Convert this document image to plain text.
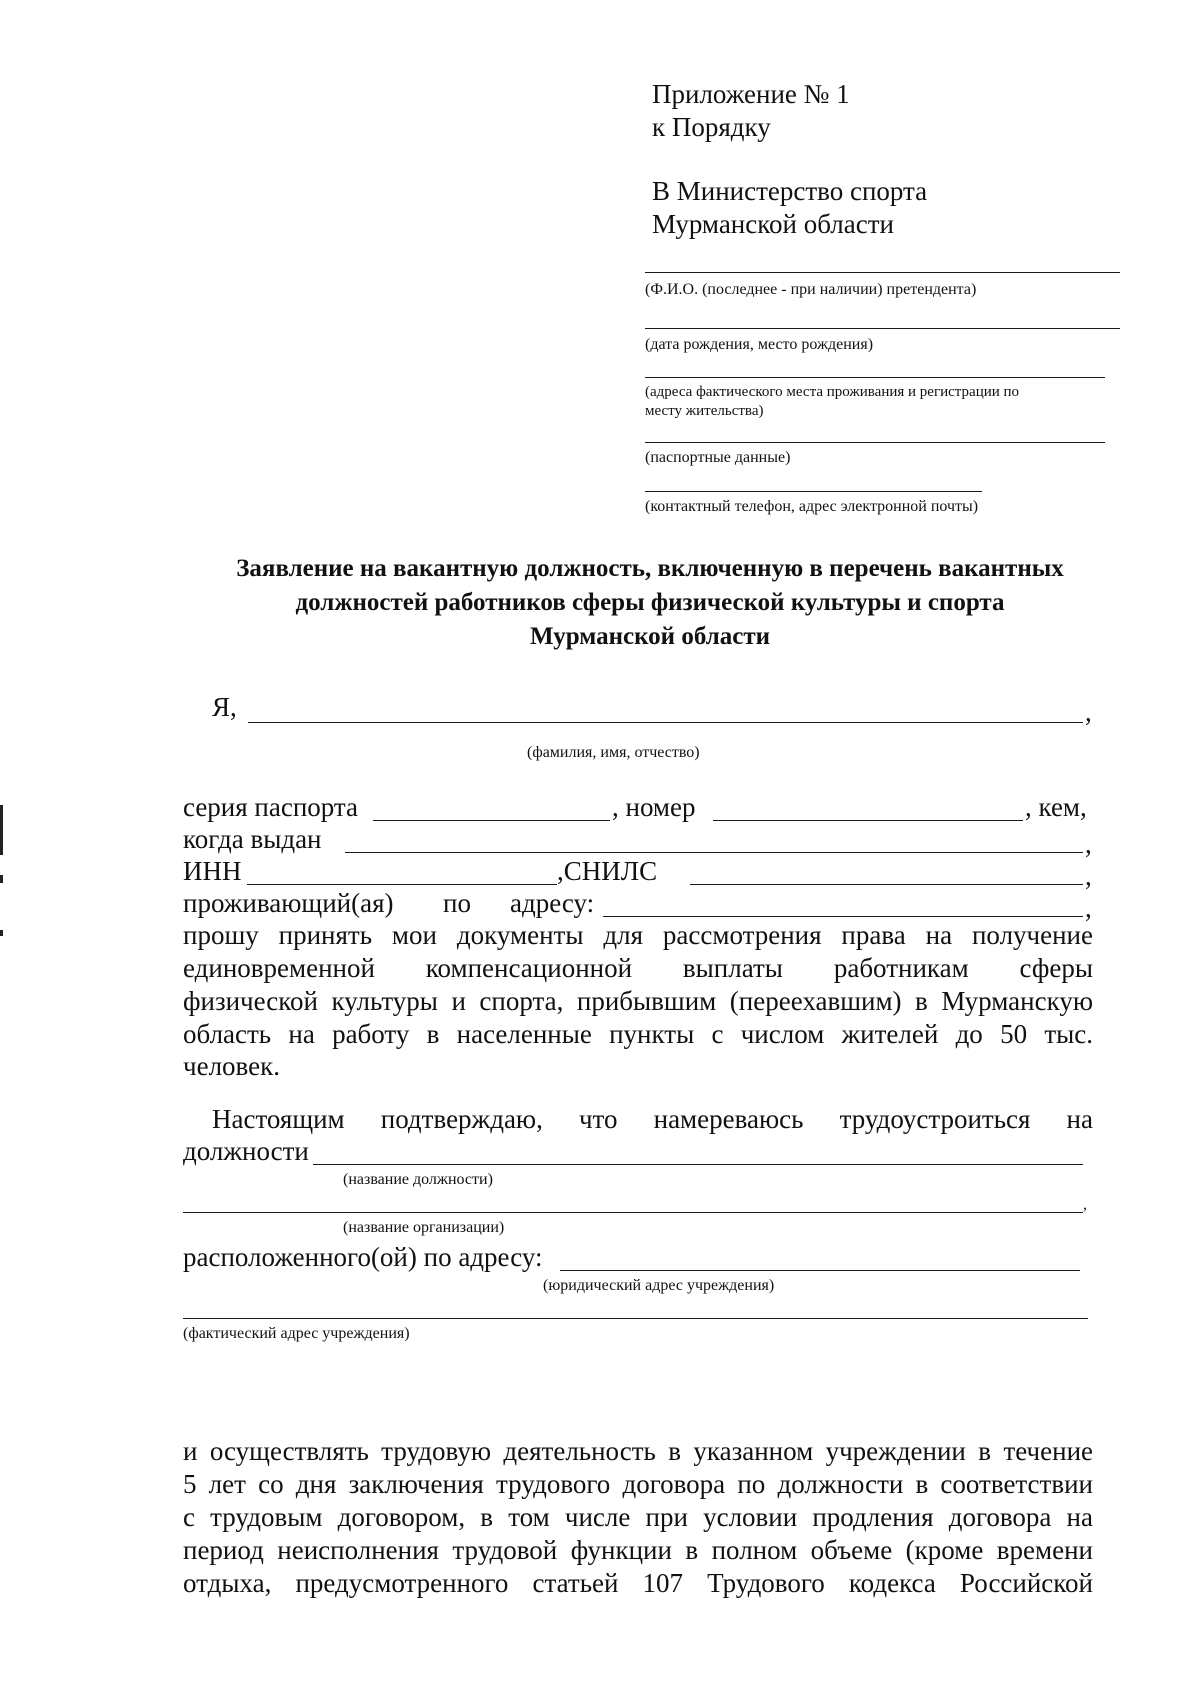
Приложение № 1
к Порядку
В Министерство спорта
Мурманской области
(Ф.И.О. (последнее - при наличии) претендента)
(дата рождения, место рождения)
(адреса фактического места проживания и регистрации по
месту жительства)
(паспортные данные)
(контактный телефон, адрес электронной почты)
Заявление на вакантную должность, включенную в перечень вакантных
должностей работников сферы физической культуры и спорта
Мурманской области
Я,	,
(фамилия, имя, отчество)
серия паспорта	, номер	, кем,
когда выдан	,
ИНН	,СНИЛС	,
проживающий(ая) по адресу:	,
прошу принять мои документы для рассмотрения права на получение
единовременной компенсационной выплаты работникам сферы
физической культуры и спорта, прибывшим (переехавшим) в Мурманскую
область на работу в населенные пункты с числом жителей до 50 тыс.
человек.
Настоящим подтверждаю, что намереваюсь трудоустроиться на
должности
(название должности)
,
(название организации)
расположенного(ой) по адресу:
(юридический адрес учреждения)
(фактический адрес учреждения)
и осуществлять трудовую деятельность в указанном учреждении в течение
5 лет со дня заключения трудового договора по должности в соответствии
с трудовым договором, в том числе при условии продления договора на
период неисполнения трудовой функции в полном объеме (кроме времени
отдыха, предусмотренного статьей 107 Трудового кодекса Российской
